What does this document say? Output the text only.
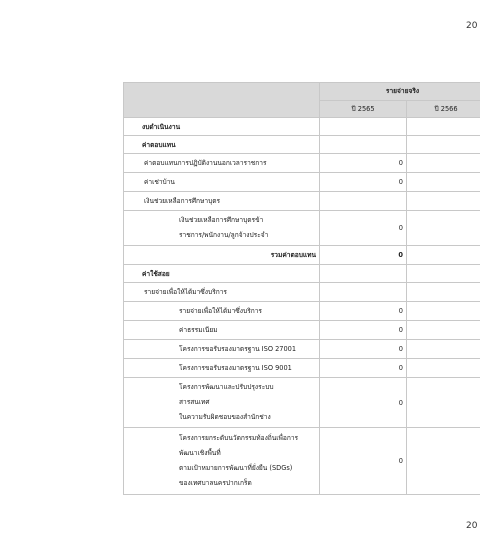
20
	รายจ่ายจริง	
	ปี 2565	ปี 2566
งบดำเนินงาน		
ค่าตอบแทน		
ค่าตอบแทนการปฏิบัติงานนอกเวลาราชการ	0	
ค่าเช่าบ้าน	0	
เงินช่วยเหลือการศึกษาบุตร		

เงินช่วยเหลือการศึกษาบุตรข้า
ราชการ/พนักงาน/ลูกจ้างประจำ	0	
รวมค่าตอบแทน	0	
ค่าใช้สอย		
รายจ่ายเพื่อให้ได้มาซึ่งบริการ		
รายจ่ายเพื่อให้ได้มาซึ่งบริการ	0	
ค่าธรรมเนียม	0	
โครงการขอรับรองมาตรฐาน ISO 27001	0	
โครงการขอรับรองมาตรฐาน ISO 9001	0	

โครงการพัฒนาและปรับปรุงระบบ
สารสนเทศ
ในความรับผิดชอบของสำนักช่าง	0	

โครงการยกระดับนวัตกรรมท้องถิ่นเพื่อการ
พัฒนาเชิงพื้นที่
ตามเป้าหมายการพัฒนาที่ยั่งยืน (SDGs)
ของเทศบาลนครปากเกร็ด	0	
20
